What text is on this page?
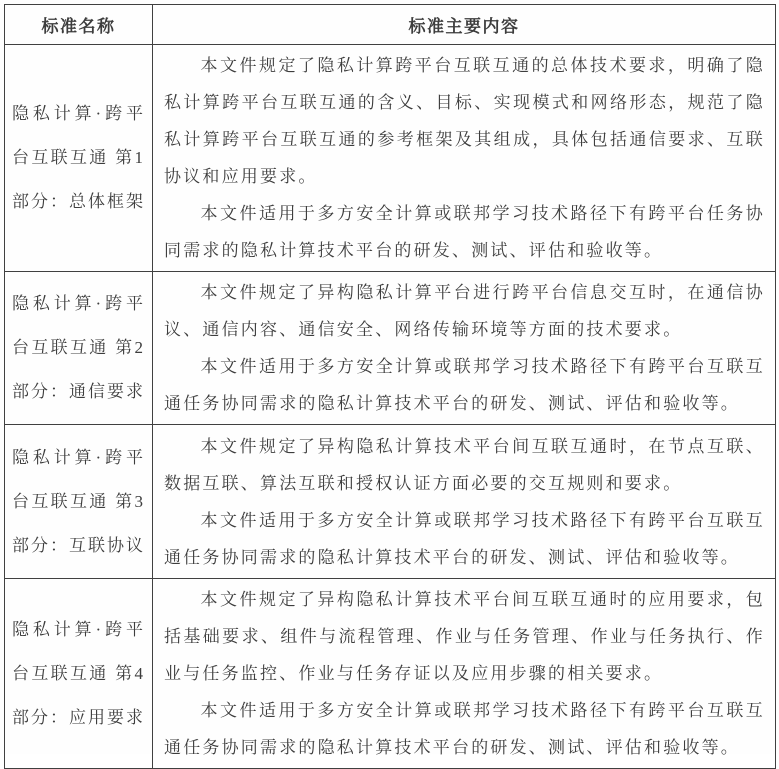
标准名称	标准主要内容
隐私计算·跨平台互联互通 第1部分：总体框架	本文件规定了隐私计算跨平台互联互通的总体技术要求，明确了隐私计算跨平台互联互通的含义、目标、实现模式和网络形态，规范了隐私计算跨平台互联互通的参考框架及其组成，具体包括通信要求、互联协议和应用要求。

本文件适用于多方安全计算或联邦学习技术路径下有跨平台任务协同需求的隐私计算技术平台的研发、测试、评估和验收等。

隐私计算·跨平台互联互通 第2部分：通信要求	本文件规定了异构隐私计算平台进行跨平台信息交互时，在通信协议、通信内容、通信安全、网络传输环境等方面的技术要求。

本文件适用于多方安全计算或联邦学习技术路径下有跨平台互联互通任务协同需求的隐私计算技术平台的研发、测试、评估和验收等。

隐私计算·跨平台互联互通 第3部分：互联协议	本文件规定了异构隐私计算技术平台间互联互通时，在节点互联、数据互联、算法互联和授权认证方面必要的交互规则和要求。

本文件适用于多方安全计算或联邦学习技术路径下有跨平台互联互通任务协同需求的隐私计算技术平台的研发、测试、评估和验收等。

隐私计算·跨平台互联互通 第4部分：应用要求	本文件规定了异构隐私计算技术平台间互联互通时的应用要求，包括基础要求、组件与流程管理、作业与任务管理、作业与任务执行、作业与任务监控、作业与任务存证以及应用步骤的相关要求。

本文件适用于多方安全计算或联邦学习技术路径下有跨平台互联互通任务协同需求的隐私计算技术平台的研发、测试、评估和验收等。
